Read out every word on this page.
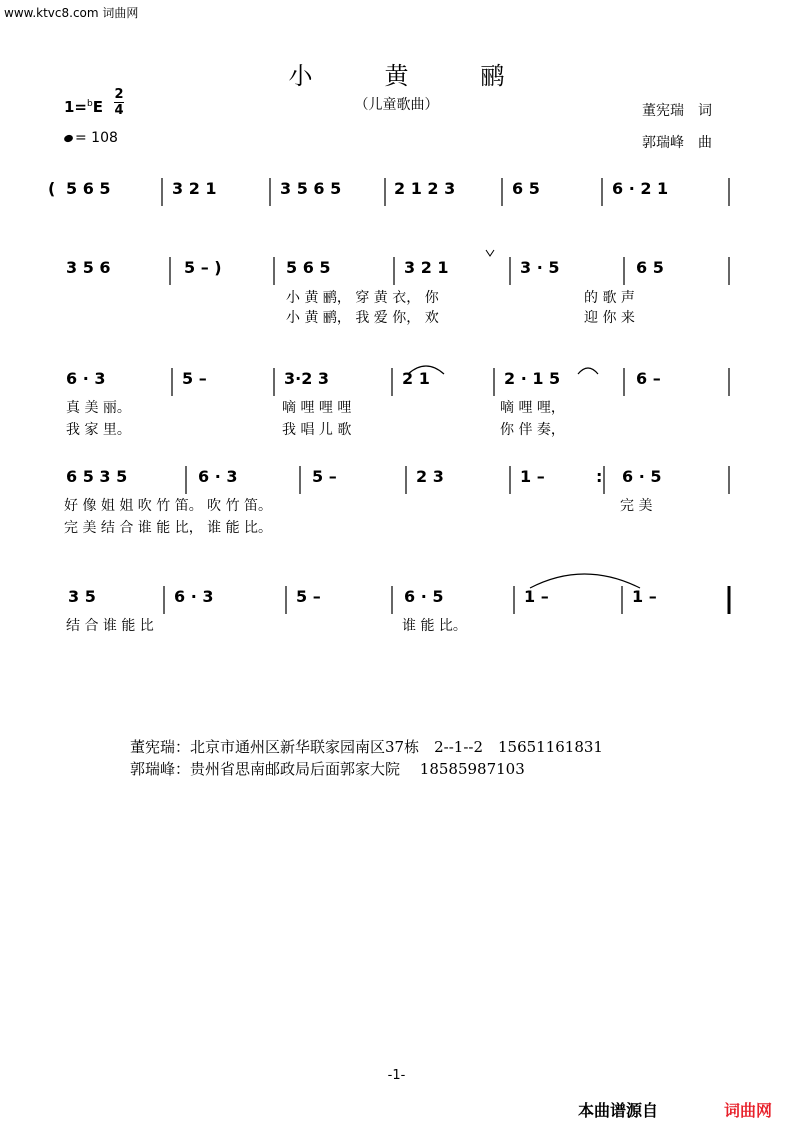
www.ktvc8.com 词曲网
小黄鹂
（儿童歌曲）
1=$^b$E
2
4
= 108
董宪瑞　词
郭瑞峰　曲
( 5 6 5	3 2 1	3 5 6 5	2 1 2 3	6 5	6 · 2 1
3 5 6	5 – )	5 6 5	3 2 1	3 · 5	6 5
小 黄 鹂， 穿 黄 衣， 你	的 歌 声
小 黄 鹂， 我 爱 你， 欢	迎 你 来
6 · 3	5 –	3·2 3	2 1	2 · 1 5	6 –
真 美 丽。	嘀 哩 哩 哩	嘀 哩 哩，
我 家 里。	我 唱 儿 歌	你 伴 奏，
6 5 3 5	6 · 3	5 –	2 3	1 –	: 6 · 5
好 像 姐 姐 吹 竹 笛。 吹 竹 笛。	完 美
完 美 结 合 谁 能 比， 谁 能 比。
3 5	6 · 3	5 –	6 · 5	1 –	1 –
结 合 谁 能 比	谁 能 比。
董宪瑞：北京市通州区新华联家园南区37栋　2--1--2　15651161831
郭瑞峰：贵州省思南邮政局后面郭家大院　 18585987103
-1-
本曲谱源自	词曲网
